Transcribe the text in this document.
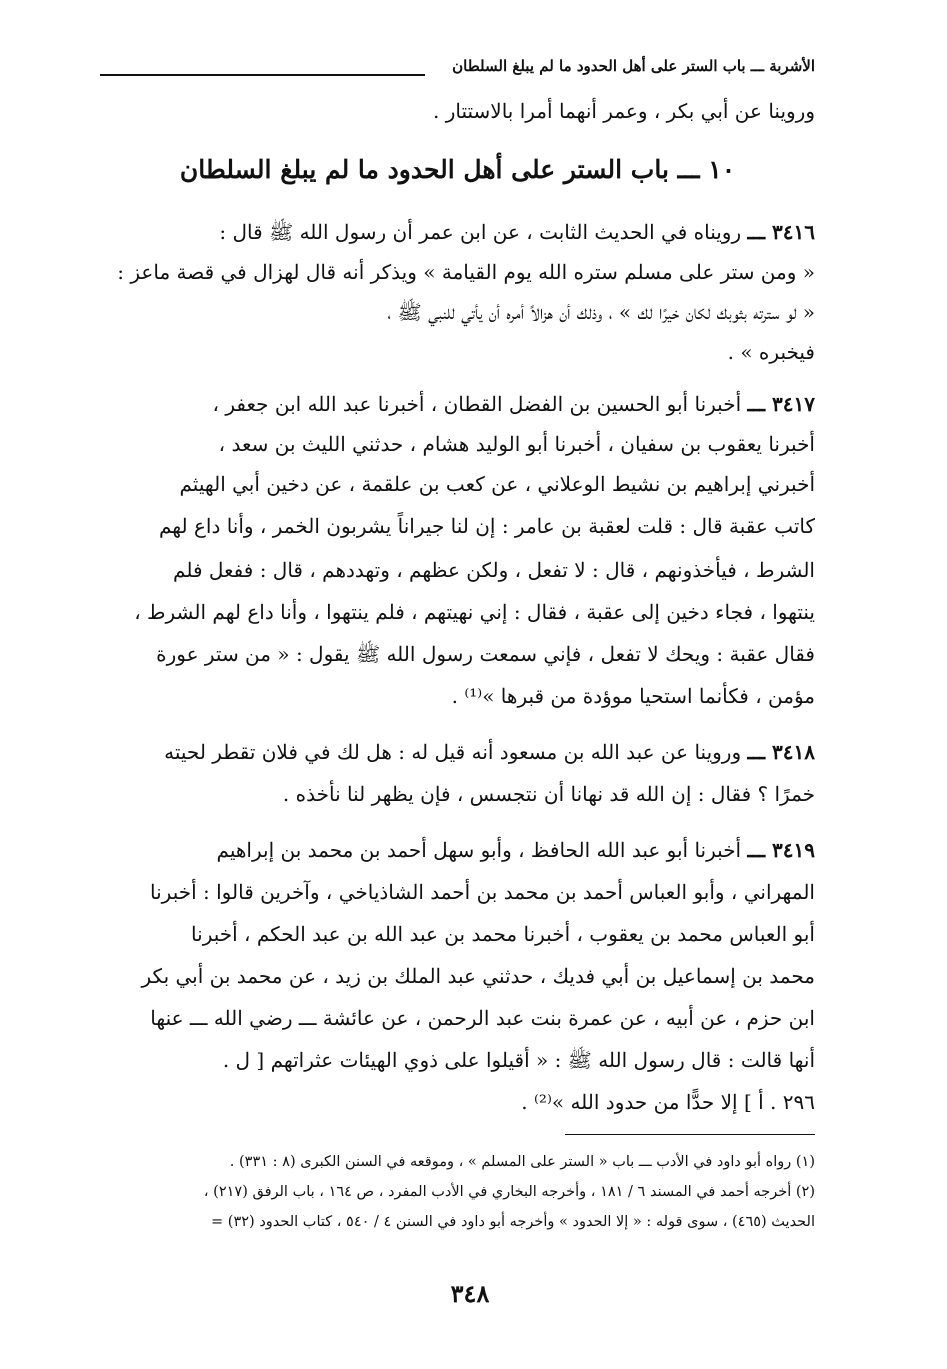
الأشربة ـــ باب الستر على أهل الحدود ما لم يبلغ السلطان
وروينا عن أبي بكر ، وعمر أنهما أمرا بالاستتار .
١٠ ـــ باب الستر على أهل الحدود ما لم يبلغ السلطان
٣٤١٦ ـــ رويناه في الحديث الثابت ، عن ابن عمر أن رسول الله ﷺ قال :
« ومن ستر على مسلم ستره الله يوم القيامة » ويذكر أنه قال لهزال في قصة ماعز :
« لو سترته بثوبك لكان خيرًا لك » ، وذلك أن هزالاً أمره أن يأتي للنبي ﷺ ،
فيخبره » .
٣٤١٧ ـــ أخبرنا أبو الحسين بن الفضل القطان ، أخبرنا عبد الله ابن جعفر ،
أخبرنا يعقوب بن سفيان ، أخبرنا أبو الوليد هشام ، حدثني الليث بن سعد ،
أخبرني إبراهيم بن نشيط الوعلاني ، عن كعب بن علقمة ، عن دخين أبي الهيثم
كاتب عقبة قال : قلت لعقبة بن عامر : إن لنا جيراناً يشربون الخمر ، وأنا داع لهم
الشرط ، فيأخذونهم ، قال : لا تفعل ، ولكن عظهم ، وتهددهم ، قال : ففعل فلم
ينتهوا ، فجاء دخين إلى عقبة ، فقال : إني نهيتهم ، فلم ينتهوا ، وأنا داع لهم الشرط ،
فقال عقبة : ويحك لا تفعل ، فإني سمعت رسول الله ﷺ يقول : « من ستر عورة
مؤمن ، فكأنما استحيا موؤدة من قبرها »⁽¹⁾ .
٣٤١٨ ـــ وروينا عن عبد الله بن مسعود أنه قيل له : هل لك في فلان تقطر لحيته
خمرًا ؟ فقال : إن الله قد نهانا أن نتجسس ، فإن يظهر لنا نأخذه .
٣٤١٩ ـــ أخبرنا أبو عبد الله الحافظ ، وأبو سهل أحمد بن محمد بن إبراهيم
المهراني ، وأبو العباس أحمد بن محمد بن أحمد الشاذياخي ، وآخرين قالوا : أخبرنا
أبو العباس محمد بن يعقوب ، أخبرنا محمد بن عبد الله بن عبد الحكم ، أخبرنا
محمد بن إسماعيل بن أبي فديك ، حدثني عبد الملك بن زيد ، عن محمد بن أبي بكر
ابن حزم ، عن أبيه ، عن عمرة بنت عبد الرحمن ، عن عائشة ـــ رضي الله ـــ عنها
أنها قالت : قال رسول الله ﷺ : « أقيلوا على ذوي الهيئات عثراتهم [ ل .
٢٩٦ . أ ] إلا حدًّا من حدود الله »⁽²⁾ .
(١) رواه أبو داود في الأدب ـــ باب « الستر على المسلم » ، وموقعه في السنن الكبرى (٨ : ٣٣١) .
(٢) أخرجه أحمد في المسند ٦ / ١٨١ ، وأخرجه البخاري في الأدب المفرد ، ص ١٦٤ ، باب الرفق (٢١٧) ،
الحديث (٤٦٥) ، سوى قوله : « إلا الحدود » وأخرجه أبو داود في السنن ٤ / ٥٤٠ ، كتاب الحدود (٣٢) =
٣٤٨
